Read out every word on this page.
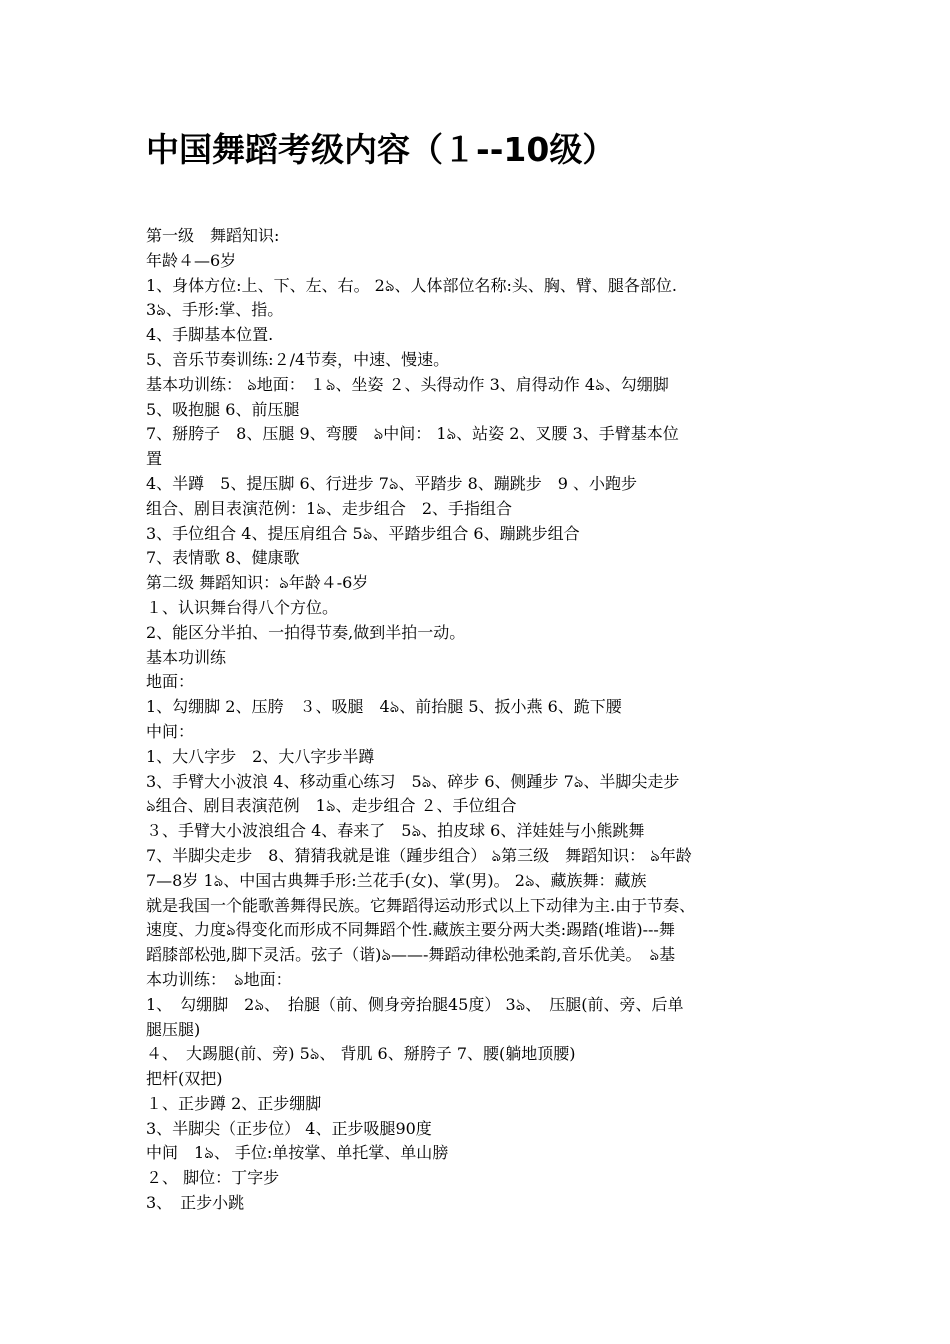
中国舞蹈考级内容（１--10级）
第一级　舞蹈知识:
年龄４—6岁
1、身体方位:上、下、左、右。 2ঌ、人体部位名称:头、胸、臂、腿各部位.
3ঌ、手形:掌、指。
4、手脚基本位置.
5、音乐节奏训练:２/4节奏，中速、慢速。
基本功训练： ঌ地面： １ঌ、坐姿 ２、头得动作 3、肩得动作 4ঌ、勾绷脚
5、吸抱腿 6、前压腿
7、掰胯子　8、压腿 9、弯腰　ঌ中间： 1ঌ、站姿 2、叉腰 3、手臂基本位
置
4、半蹲　5、提压脚 6、行进步 7ঌ、平踏步 8、蹦跳步　9 、小跑步
组合、剧目表演范例：1ঌ、走步组合　2、手指组合
3、手位组合 4、提压肩组合 5ঌ、平踏步组合 6、蹦跳步组合
7、表情歌 8、健康歌
第二级 舞蹈知识：ঌ年龄４-6岁
１、认识舞台得八个方位。
2、能区分半拍、一拍得节奏,做到半拍一动。
基本功训练
地面：
1、勾绷脚 2、压胯　３、吸腿　4ঌ、前抬腿 5、扳小燕 6、跪下腰
中间：
1、大八字步　2、大八字步半蹲
3、手臂大小波浪 4、移动重心练习　5ঌ、碎步 6、侧踵步 7ঌ、半脚尖走步
ঌ组合、剧目表演范例　1ঌ、走步组合 ２、手位组合
３、手臂大小波浪组合 4、春来了　5ঌ、拍皮球 6、洋娃娃与小熊跳舞
7、半脚尖走步　8、猜猜我就是谁（踵步组合） ঌ第三级　舞蹈知识： ঌ年龄
7—8岁 1ঌ、中国古典舞手形:兰花手(女)、掌(男)。 2ঌ、藏族舞：藏族
就是我国一个能歌善舞得民族。它舞蹈得运动形式以上下动律为主.由于节奏、
速度、力度ঌ得变化而形成不同舞蹈个性.藏族主要分两大类:踢踏(堆谐)---舞
蹈膝部松弛,脚下灵活。弦子（谐)ঌ——-舞蹈动律松弛柔韵,音乐优美。　ঌ基
本功训练：　ঌ地面：
1、　勾绷脚　2ঌ、　抬腿（前、侧身旁抬腿45度） 3ঌ、　压腿(前、旁、后单
腿压腿)
４、　大踢腿(前、旁) 5ঌ、 背肌 6、掰胯子 7、腰(躺地顶腰)
把杆(双把)
１、正步蹲 2、正步绷脚
3、半脚尖（正步位） 4、正步吸腿90度
中间　1ঌ、 手位:单按掌、单托掌、单山膀
２、 脚位：丁字步
3、　正步小跳
